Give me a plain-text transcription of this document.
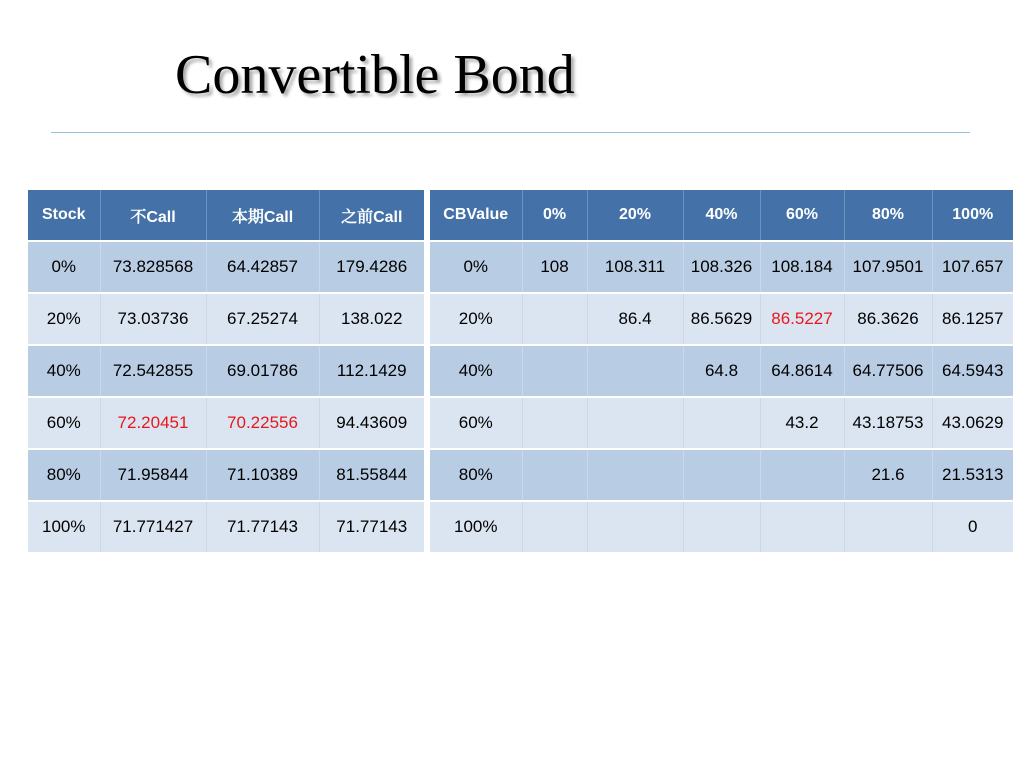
Convertible Bond
Stock	不Call	本期Call	之前Call
0%	73.828568	64.42857	179.4286
20%	73.03736	67.25274	138.022
40%	72.542855	69.01786	112.1429
60%	72.20451	70.22556	94.43609
80%	71.95844	71.10389	81.55844
100%	71.771427	71.77143	71.77143
CBValue	0%	20%	40%	60%	80%	100%
0%	108	108.311	108.326	108.184	107.9501	107.657
20%		86.4	86.5629	86.5227	86.3626	86.1257
40%			64.8	64.8614	64.77506	64.5943
60%				43.2	43.18753	43.0629
80%					21.6	21.5313
100%						0
